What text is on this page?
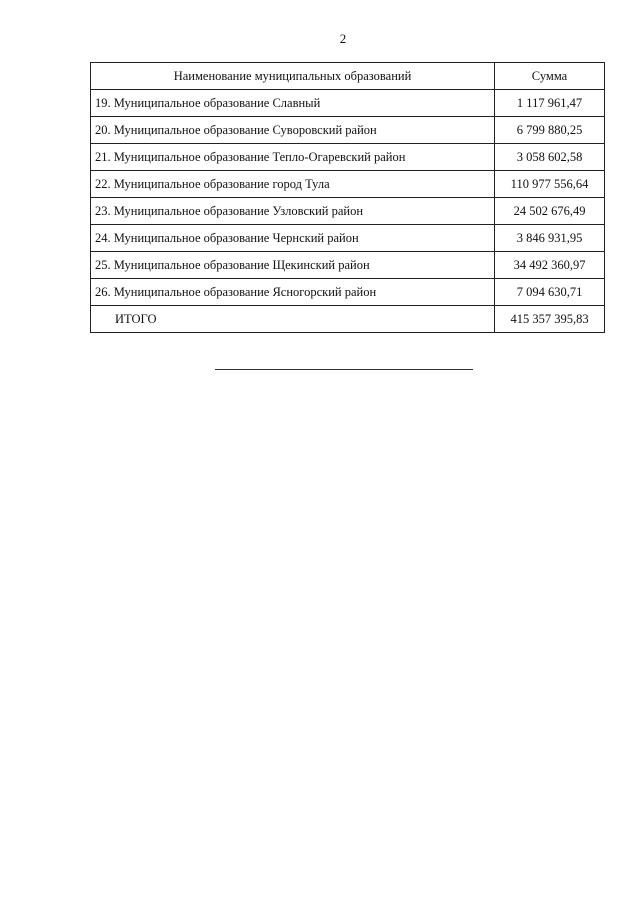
2
Наименование муниципальных образований	Сумма
19. Муниципальное образование Славный	1 117 961,47
20. Муниципальное образование Суворовский район	6 799 880,25
21. Муниципальное образование Тепло-Огаревский район	3 058 602,58
22. Муниципальное образование город Тула	110 977 556,64
23. Муниципальное образование Узловский район	24 502 676,49
24. Муниципальное образование Чернский район	3 846 931,95
25. Муниципальное образование Щекинский район	34 492 360,97
26. Муниципальное образование Ясногорский район	7 094 630,71
ИТОГО	415 357 395,83
